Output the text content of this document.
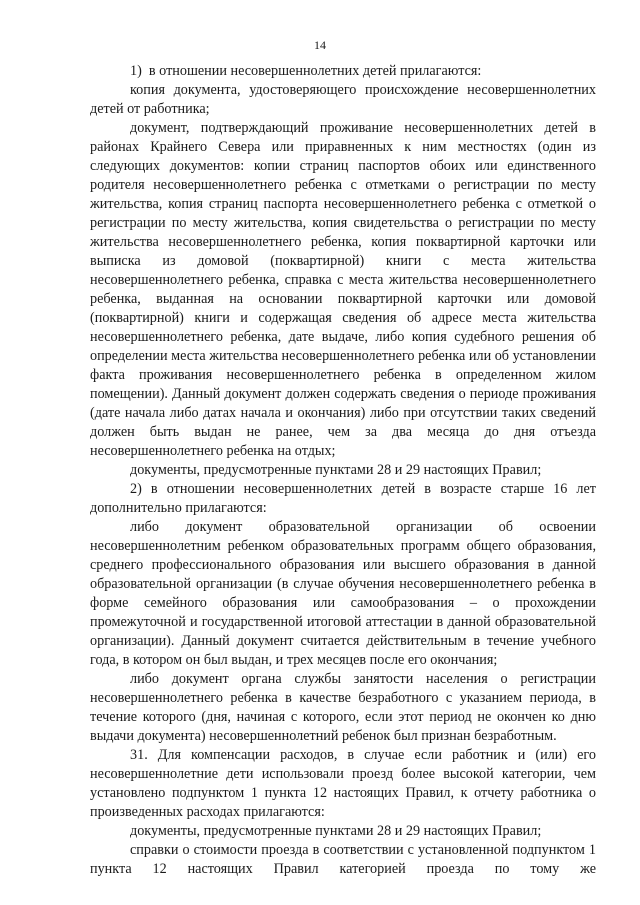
14

1)  в отношении несовершеннолетних детей прилагаются:

копия документа, удостоверяющего происхождение несовершеннолетних детей от работника;

документ, подтверждающий проживание несовершеннолетних детей в районах Крайнего Севера или приравненных к ним местностях (один из следующих документов: копии страниц паспортов обоих или единственного родителя несовершеннолетнего ребенка с отметками о регистрации по месту жительства, копия страниц паспорта несовершеннолетнего ребенка с отметкой о регистрации по месту жительства, копия свидетельства о регистрации по месту жительства несовершеннолетнего ребенка, копия поквартирной карточки или выписка из домовой (поквартирной) книги с места жительства несовершеннолетнего ребенка, справка с места жительства несовершеннолетнего ребенка, выданная на основании поквартирной карточки или домовой (поквартирной) книги и содержащая сведения об адресе места жительства несовершеннолетнего ребенка, дате выдаче, либо копия судебного решения об определении места жительства несовершеннолетнего ребенка или об установлении факта проживания несовершеннолетнего ребенка в определенном жилом помещении). Данный документ должен содержать сведения о периоде проживания (дате начала либо датах начала и окончания) либо при отсутствии таких сведений должен быть выдан не ранее, чем за два месяца до дня отъезда несовершеннолетнего ребенка на отдых;

документы, предусмотренные пунктами 28 и 29 настоящих Правил;

2) в отношении несовершеннолетних детей в возрасте старше 16 лет дополнительно прилагаются:

либо документ образовательной организации об освоении несовершеннолетним ребенком образовательных программ общего образования, среднего профессионального образования или высшего образования в данной образовательной организации (в случае обучения несовершеннолетнего ребенка в форме семейного образования или самообразования – о прохождении промежуточной и государственной итоговой аттестации в данной образовательной организации). Данный документ считается действительным в течение учебного года, в котором он был выдан, и трех месяцев после его окончания;

либо документ органа службы занятости населения о регистрации несовершеннолетнего ребенка в качестве безработного с указанием периода, в течение которого (дня, начиная с которого, если этот период не окончен ко дню выдачи документа) несовершеннолетний ребенок был признан безработным.

31. Для компенсации расходов, в случае если работник и (или) его несовершеннолетние дети использовали проезд более высокой категории, чем установлено подпунктом 1 пункта 12 настоящих Правил, к отчету работника о произведенных расходах прилагаются:

документы, предусмотренные пунктами 28 и 29 настоящих Правил;

справки о стоимости проезда в соответствии с установленной подпунктом 1 пункта 12 настоящих Правил категорией проезда по тому же
